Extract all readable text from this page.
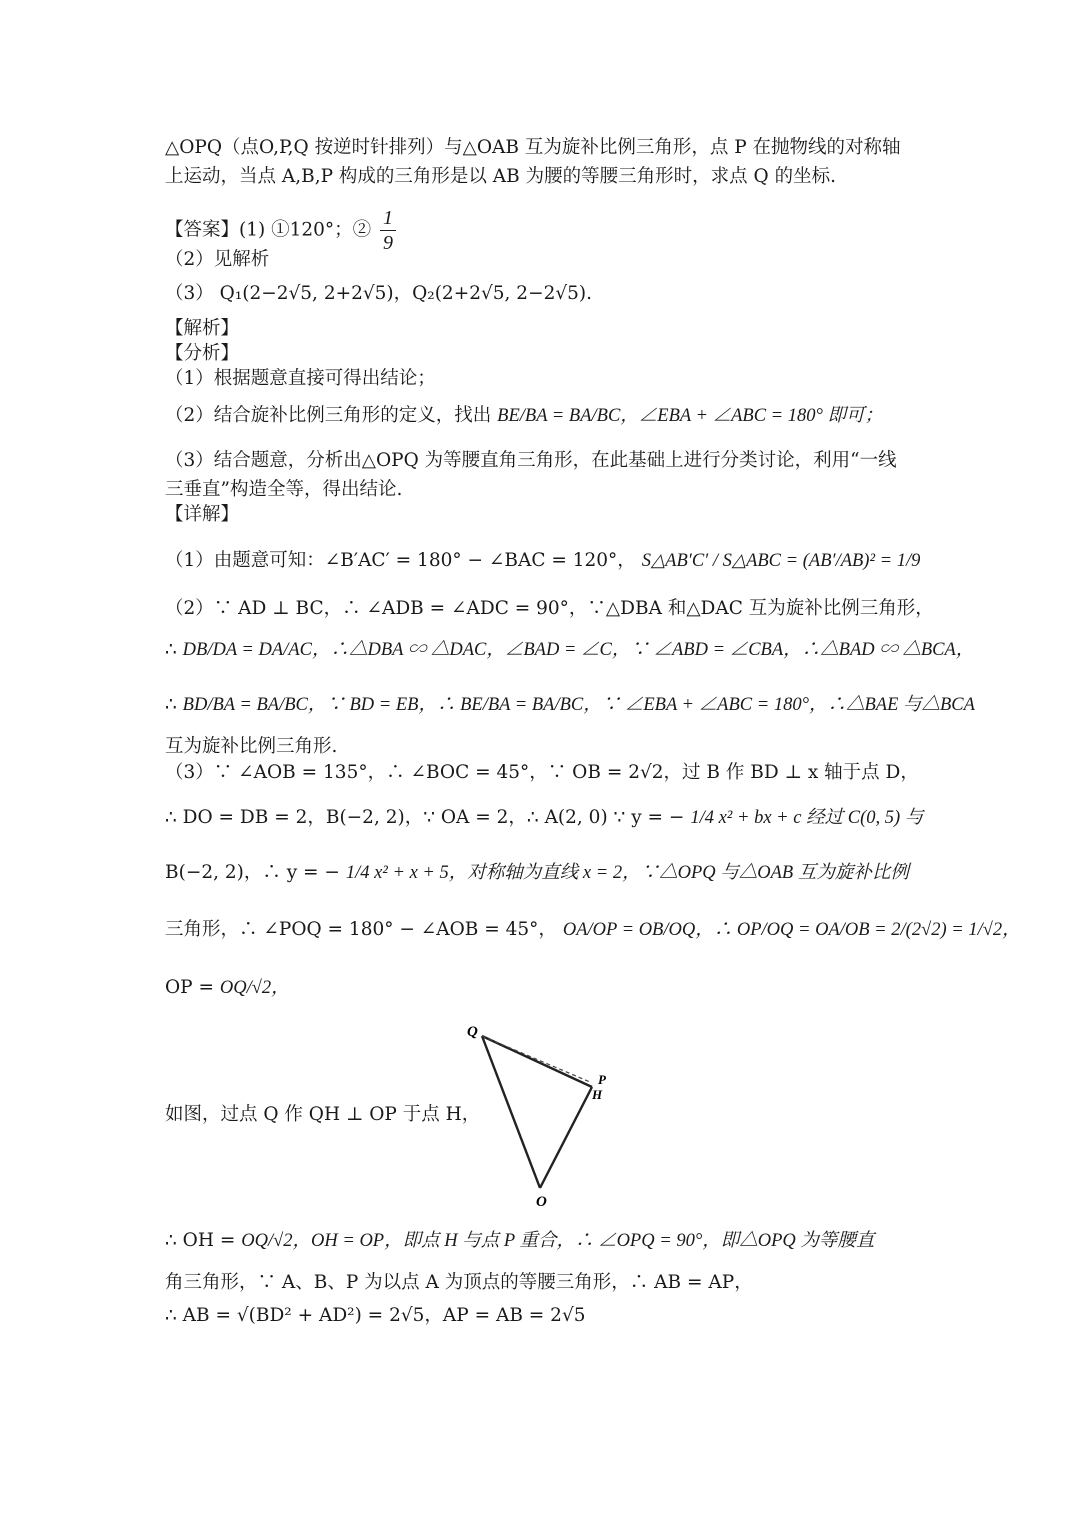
△OPQ（点O,P,Q 按逆时针排列）与△OAB 互为旋补比例三角形，点 P 在抛物线的对称轴
上运动，当点 A,B,P 构成的三角形是以 AB 为腰的等腰三角形时，求点 Q 的坐标.
【答案】(1) ①120°；② $\frac{1}{9}$
（2）见解析
（3） Q₁(2−2√5, 2+2√5)，Q₂(2+2√5, 2−2√5).
【解析】
【分析】
（1）根据题意直接可得出结论；
（2）结合旋补比例三角形的定义，找出 BE/BA = BA/BC，∠EBA + ∠ABC = 180° 即可；
（3）结合题意，分析出△OPQ 为等腰直角三角形，在此基础上进行分类讨论，利用“一线
三垂直”构造全等，得出结论.
【详解】
（1）由题意可知：∠B′AC′ = 180° − ∠BAC = 120°， S△AB′C′ / S△ABC = (AB′/AB)² = 1/9
（2）∵ AD ⊥ BC，∴ ∠ADB = ∠ADC = 90°，∵△DBA 和△DAC 互为旋补比例三角形，
∴ DB/DA = DA/AC，∴△DBA ∽ △DAC，∠BAD = ∠C，∵ ∠ABD = ∠CBA，∴△BAD ∽ △BCA，
∴ BD/BA = BA/BC，∵ BD = EB，∴ BE/BA = BA/BC，∵ ∠EBA + ∠ABC = 180°，∴△BAE 与△BCA
互为旋补比例三角形.
（3）∵ ∠AOB = 135°，∴ ∠BOC = 45°，∵ OB = 2√2，过 B 作 BD ⊥ x 轴于点 D，
∴ DO = DB = 2，B(−2, 2)，∵ OA = 2，∴ A(2, 0) ∵ y = − 1/4 x² + bx + c 经过 C(0, 5) 与
B(−2, 2)，∴ y = − 1/4 x² + x + 5，对称轴为直线 x = 2，∵△OPQ 与△OAB 互为旋补比例
三角形，∴ ∠POQ = 180° − ∠AOB = 45°， OA/OP = OB/OQ，∴ OP/OQ = OA/OB = 2/(2√2) = 1/√2，
OP = OQ/√2，
如图，过点 Q 作 QH ⊥ OP 于点 H，
Q
P
H
O
∴ OH = OQ/√2，OH = OP，即点 H 与点 P 重合，∴ ∠OPQ = 90°，即△OPQ 为等腰直
角三角形，∵ A、B、P 为以点 A 为顶点的等腰三角形，∴ AB = AP，
∴ AB = √(BD² + AD²) = 2√5，AP = AB = 2√5
